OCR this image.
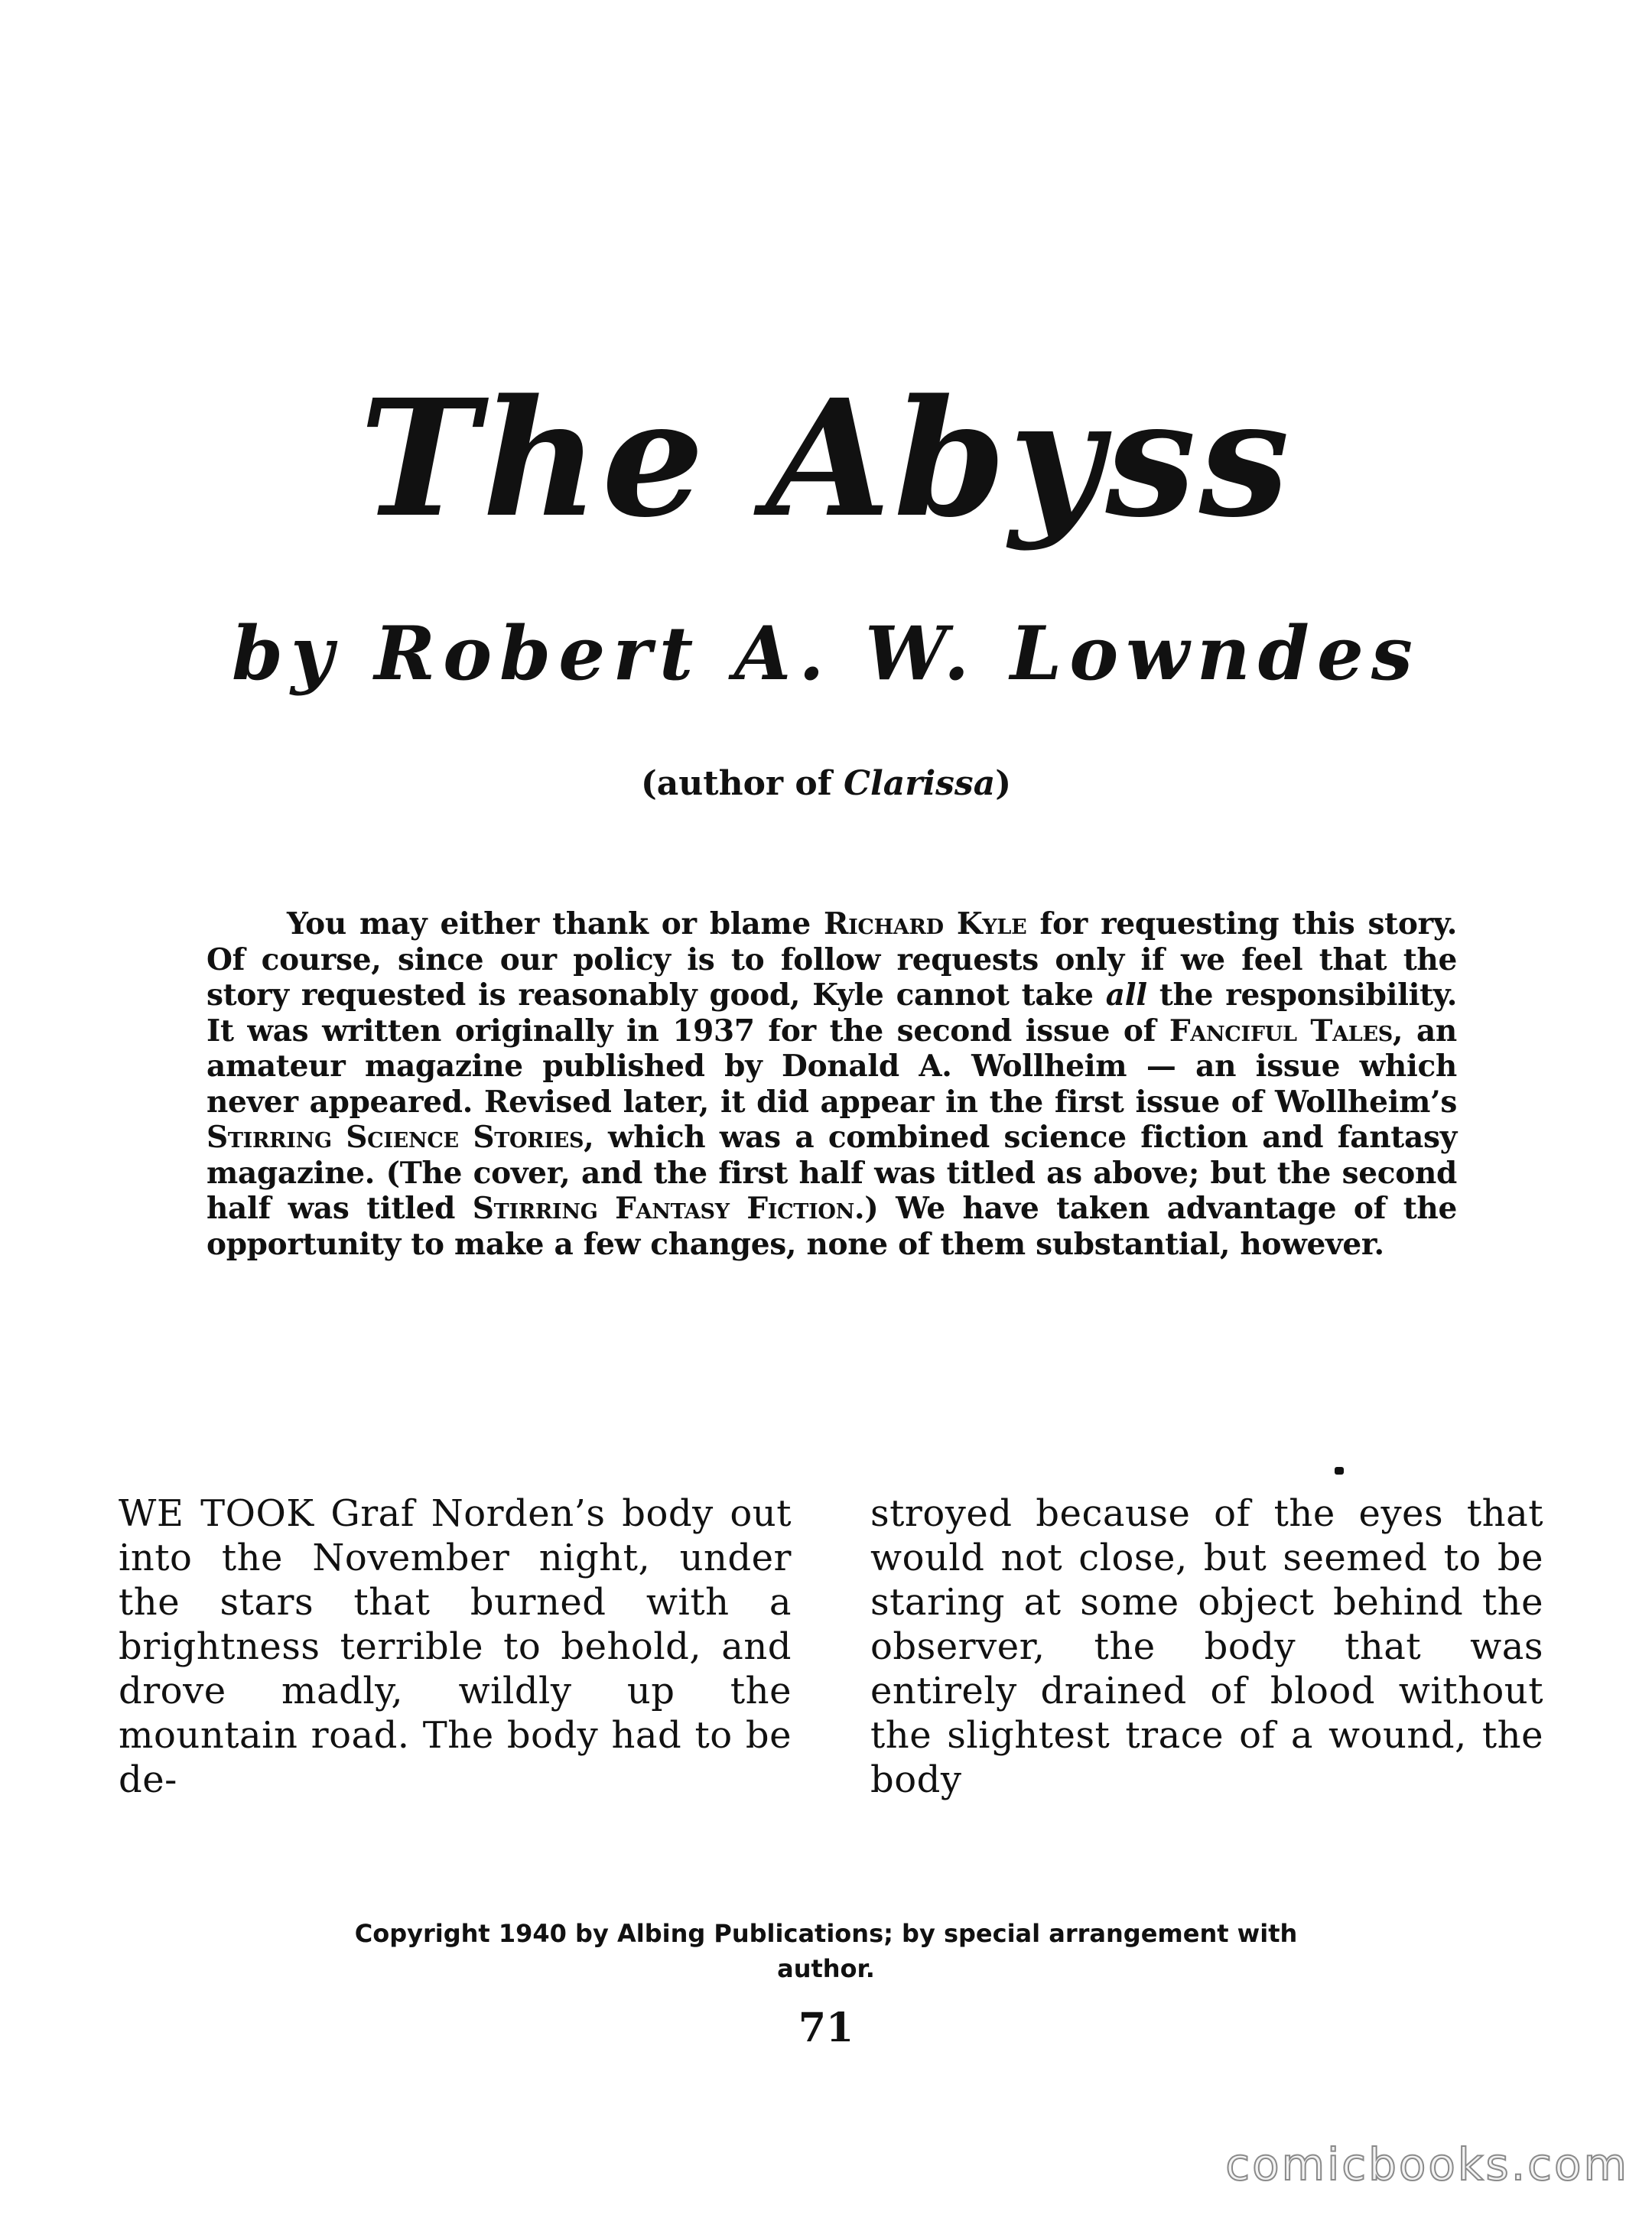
The Abyss
by Robert A. W. Lowndes

(author of Clarissa)

You may either thank or blame Richard Kyle for requesting this story. Of course, since our policy is to follow requests only if we feel that the story requested is reasonably good, Kyle cannot take all the responsibility. It was written originally in 1937 for the second issue of Fanciful Tales, an amateur magazine published by Donald A. Wollheim — an issue which never appeared. Revised later, it did appear in the first issue of Wollheim’s Stirring Science Stories, which was a combined science fiction and fantasy magazine. (The cover, and the first half was titled as above; but the second half was titled Stirring Fantasy Fiction.) We have taken advantage of the opportunity to make a few changes, none of them substantial, however.

WE TOOK Graf Norden’s body out into the November night, under the stars that burned with a brightness terrible to behold, and drove madly, wildly up the mountain road. The body had to be de-

stroyed because of the eyes that would not close, but seemed to be staring at some object behind the observer, the body that was entirely drained of blood without the slightest trace of a wound, the body

Copyright 1940 by Albing Publications; by special arrangement with
author.

71

comicbooks.com
